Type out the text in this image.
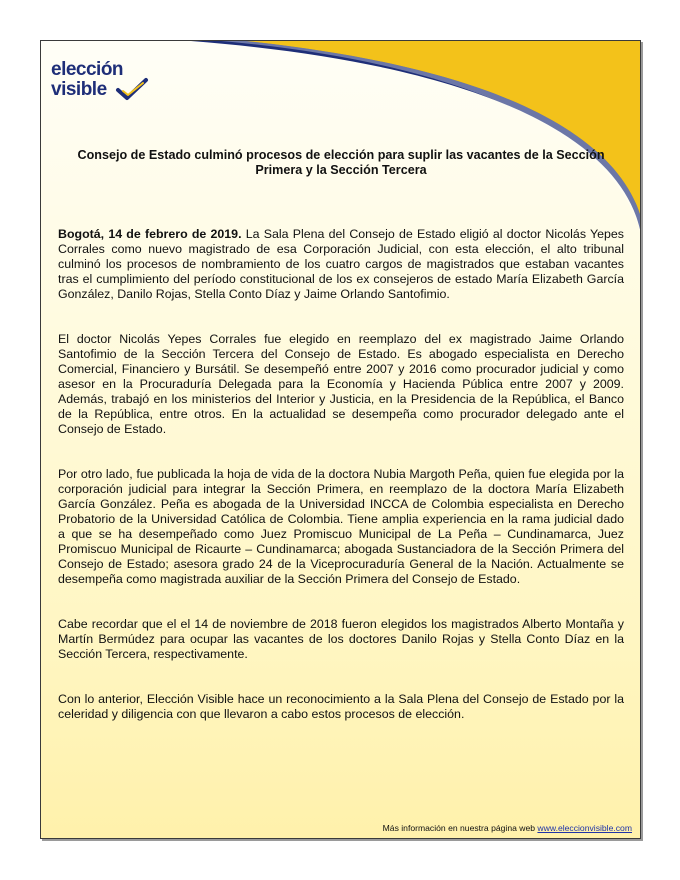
elección
visible
Consejo de Estado culminó procesos de elección para suplir las vacantes de la Sección Primera y la Sección Tercera

Bogotá, 14 de febrero de 2019. La Sala Plena del Consejo de Estado eligió al doctor Nicolás Yepes Corrales como nuevo magistrado de esa Corporación Judicial, con esta elección, el alto tribunal culminó los procesos de nombramiento de los cuatro cargos de magistrados que estaban vacantes tras el cumplimiento del período constitucional de los ex consejeros de estado María Elizabeth García González, Danilo Rojas, Stella Conto Díaz y Jaime Orlando Santofimio.

El doctor Nicolás Yepes Corrales fue elegido en reemplazo del ex magistrado Jaime Orlando Santofimio de la Sección Tercera del Consejo de Estado. Es abogado especialista en Derecho Comercial, Financiero y Bursátil. Se desempeñó entre 2007 y 2016 como procurador judicial y como asesor en la Procuraduría Delegada para la Economía y Hacienda Pública entre 2007 y 2009. Además, trabajó en los ministerios del Interior y Justicia, en la Presidencia de la República, el Banco de la República, entre otros. En la actualidad se desempeña como procurador delegado ante el Consejo de Estado.

Por otro lado, fue publicada la hoja de vida de la doctora Nubia Margoth Peña, quien fue elegida por la corporación judicial para integrar la Sección Primera, en reemplazo de la doctora María Elizabeth García González. Peña es abogada de la Universidad INCCA de Colombia especialista en Derecho Probatorio de la Universidad Católica de Colombia. Tiene amplia experiencia en la rama judicial dado a que se ha desempeñado como Juez Promiscuo Municipal de La Peña – Cundinamarca, Juez Promiscuo Municipal de Ricaurte – Cundinamarca; abogada Sustanciadora de la Sección Primera del Consejo de Estado; asesora grado 24 de la Viceprocuraduría General de la Nación. Actualmente se desempeña como magistrada auxiliar de la Sección Primera del Consejo de Estado.

Cabe recordar que el el 14 de noviembre de 2018 fueron elegidos los magistrados Alberto Montaña y Martín Bermúdez para ocupar las vacantes de los doctores Danilo Rojas y Stella Conto Díaz en la Sección Tercera, respectivamente.

Con lo anterior, Elección Visible hace un reconocimiento a la Sala Plena del Consejo de Estado por la celeridad y diligencia con que llevaron a cabo estos procesos de elección.

Más información en nuestra página web www.eleccionvisible.com
